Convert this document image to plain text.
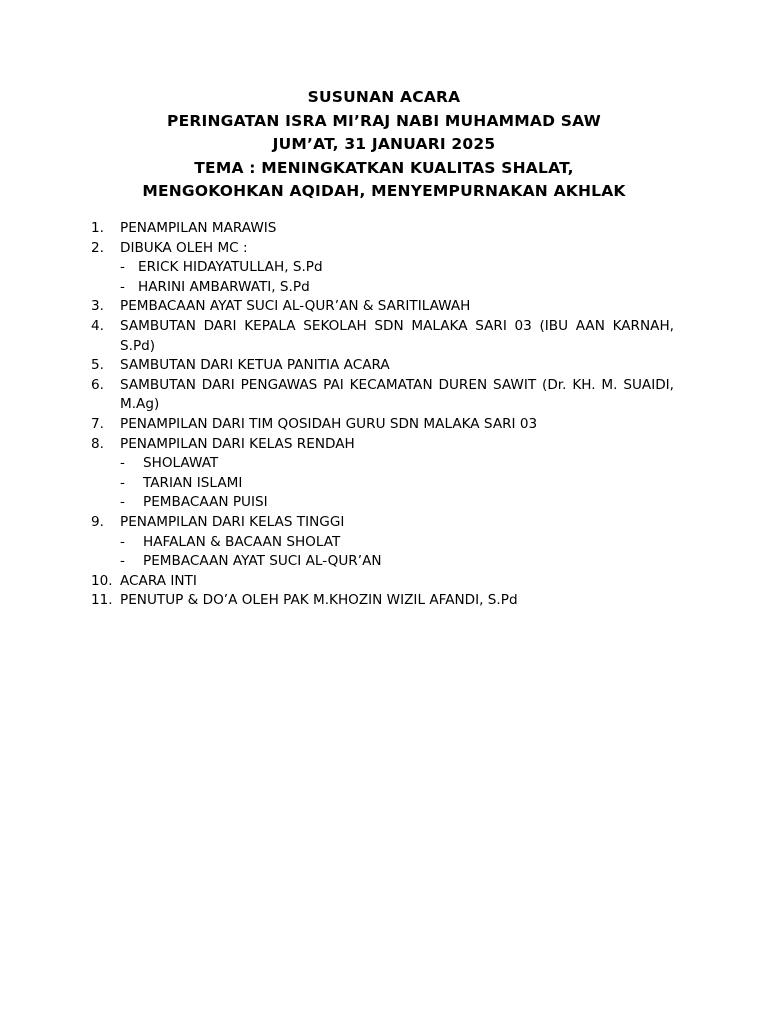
SUSUNAN ACARA
PERINGATAN ISRA MI’RAJ NABI MUHAMMAD SAW
JUM’AT, 31 JANUARI 2025
TEMA : MENINGKATKAN KUALITAS SHALAT,
MENGOKOHKAN AQIDAH, MENYEMPURNAKAN AKHLAK
1. PENAMPILAN MARAWIS
2. DIBUKA OLEH MC :
- ERICK HIDAYATULLAH, S.Pd
- HARINI AMBARWATI, S.Pd
3. PEMBACAAN AYAT SUCI AL-QUR’AN & SARITILAWAH
4. SAMBUTAN DARI KEPALA SEKOLAH SDN MALAKA SARI 03 (IBU AAN KARNAH, S.Pd)
5. SAMBUTAN DARI KETUA PANITIA ACARA
6. SAMBUTAN DARI PENGAWAS PAI KECAMATAN DUREN SAWIT (Dr. KH. M. SUAIDI, M.Ag)
7. PENAMPILAN DARI TIM QOSIDAH GURU SDN MALAKA SARI 03
8. PENAMPILAN DARI KELAS RENDAH
- SHOLAWAT
- TARIAN ISLAMI
- PEMBACAAN PUISI
9. PENAMPILAN DARI KELAS TINGGI
- HAFALAN & BACAAN SHOLAT
- PEMBACAAN AYAT SUCI AL-QUR’AN
10. ACARA INTI
11. PENUTUP & DO’A OLEH PAK M.KHOZIN WIZIL AFANDI, S.Pd
